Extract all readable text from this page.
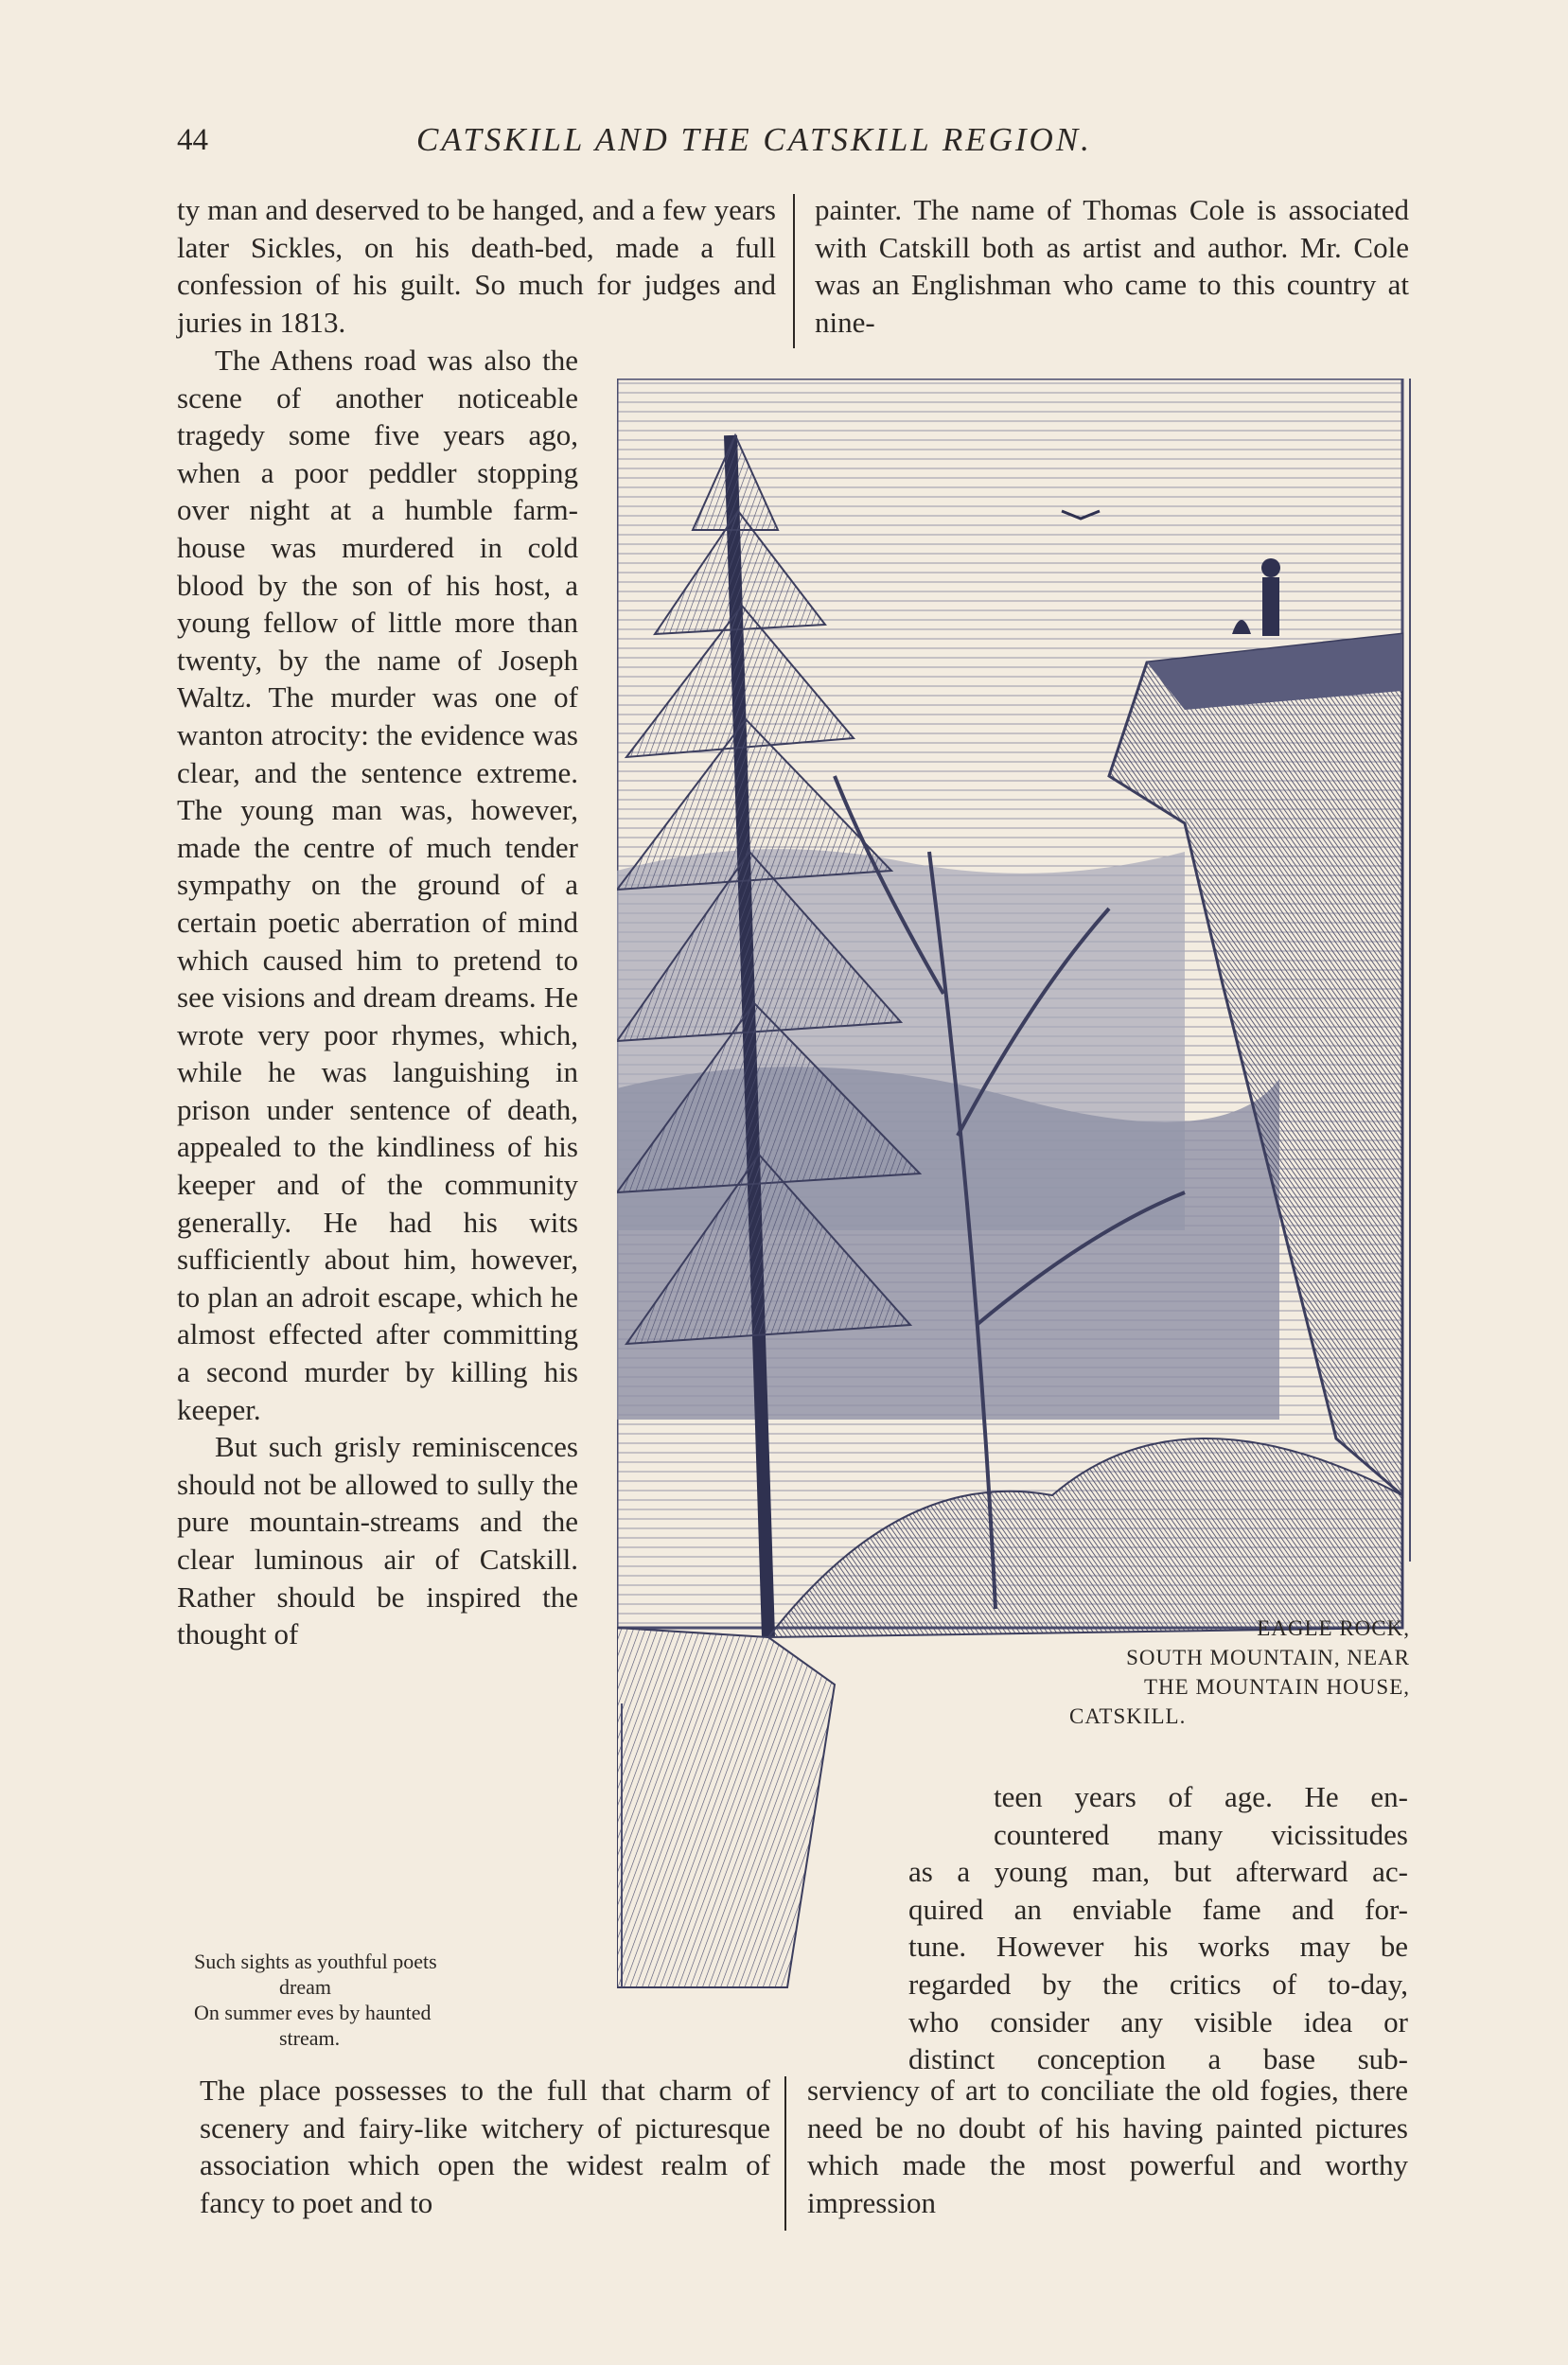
44	CATSKILL AND THE CATSKILL REGION.

ty man and deserved to be hanged, and a few years later Sickles, on his death-bed, made a full confession of his guilt. So much for judges and juries in 1813.

painter. The name of Thomas Cole is associated with Catskill both as artist and author. Mr. Cole was an Englishman who came to this country at nine-

The Athens road was also the scene of another noticeable tragedy some five years ago, when a poor peddler stopping over night at a humble farm-house was murdered in cold blood by the son of his host, a young fellow of little more than twenty, by the name of Joseph Waltz. The murder was one of wanton atrocity: the evidence was clear, and the sentence extreme. The young man was, however, made the centre of much tender sympathy on the ground of a certain poetic aberration of mind which caused him to pretend to see visions and dream dreams. He wrote very poor rhymes, which, while he was languishing in prison under sentence of death, appealed to the kindliness of his keeper and of the community generally. He had his wits sufficiently about him, however, to plan an adroit escape, which he almost effected after committing a second murder by killing his keeper.

But such grisly reminiscences should not be allowed to sully the pure mountain-streams and the clear luminous air of Catskill. Rather should be inspired the thought of

Such sights as youthful poets

dream

On summer eves by haunted

stream.

EAGLE ROCK,
SOUTH MOUNTAIN, NEAR
THE MOUNTAIN HOUSE,
CATSKILL.
teen years of age. He en-
countered many vicissitudes
as a young man, but afterward ac-
quired an enviable fame and for-
tune. However his works may be
regarded by the critics of to-day,
who consider any visible idea or
distinct conception a base sub-

The place possesses to the full that charm of scenery and fairy-like witchery of picturesque association which open the widest realm of fancy to poet and to

serviency of art to conciliate the old fogies, there need be no doubt of his having painted pictures which made the most powerful and worthy impression
